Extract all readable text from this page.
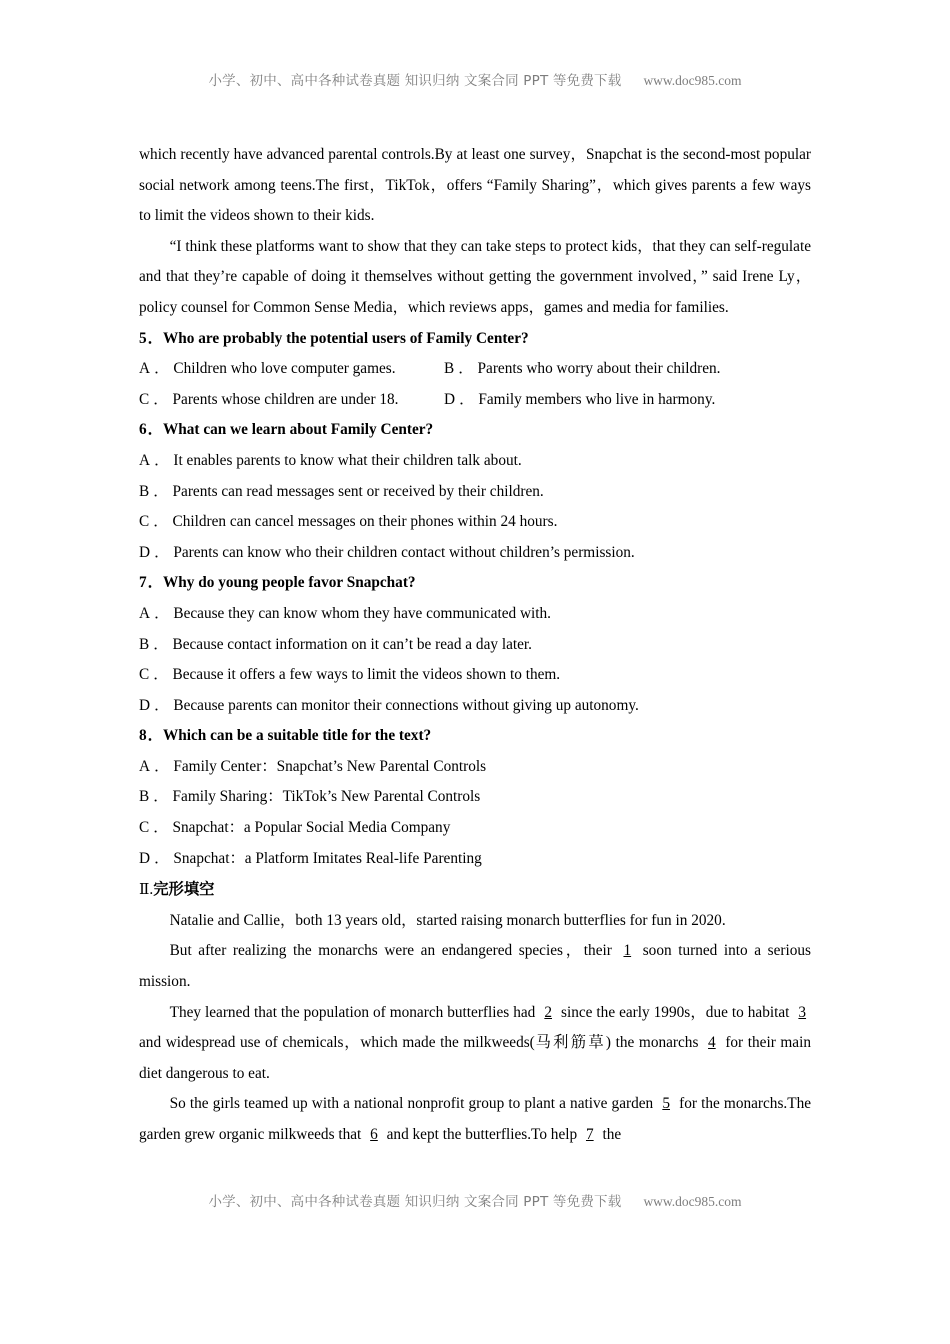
小学、初中、高中各种试卷真题 知识归纳 文案合同 PPT 等免费下载 www.doc985.com

which recently have advanced parental controls.By at least one survey，Snapchat is the second-most popular social network among teens.The first，TikTok，offers “Family Sharing”，which gives parents a few ways to limit the videos shown to their kids.

“I think these platforms want to show that they can take steps to protect kids，that they can self-regulate and that they’re capable of doing it themselves without getting the government involved，” said Irene Ly，policy counsel for Common Sense Media，which reviews apps，games and media for families.

5．Who are probably the potential users of Family Center?

A ． Children who love computer games.	B ． Parents who worry about their children.
C ． Parents whose children are under 18.	D ． Family members who live in harmony.

6．What can we learn about Family Center?

A ． It enables parents to know what their children talk about.
B ． Parents can read messages sent or received by their children.
C ． Children can cancel messages on their phones within 24 hours.
D ． Parents can know who their children contact without children’s permission.

7．Why do young people favor Snapchat?

A ． Because they can know whom they have communicated with.
B ． Because contact information on it can’t be read a day later.
C ． Because it offers a few ways to limit the videos shown to them.
D ． Because parents can monitor their connections without giving up autonomy.

8．Which can be a suitable title for the text?

A ． Family Center：Snapchat’s New Parental Controls
B ． Family Sharing：TikTok’s New Parental Controls
C ． Snapchat：a Popular Social Media Company
D ． Snapchat：a Platform Imitates Real-life Parenting

Ⅱ.完形填空

Natalie and Callie，both 13 years old，started raising monarch butterflies for fun in 2020.

But after realizing the monarchs were an endangered species，their 1 soon turned into a serious mission.

They learned that the population of monarch butterflies had 2 since the early 1990s，due to habitat 3 and widespread use of chemicals，which made the milkweeds(马利筋草) the monarchs 4 for their main diet dangerous to eat.

So the girls teamed up with a national nonprofit group to plant a native garden 5 for the monarchs.The garden grew organic milkweeds that 6 and kept the butterflies.To help 7 the

小学、初中、高中各种试卷真题 知识归纳 文案合同 PPT 等免费下载 www.doc985.com
